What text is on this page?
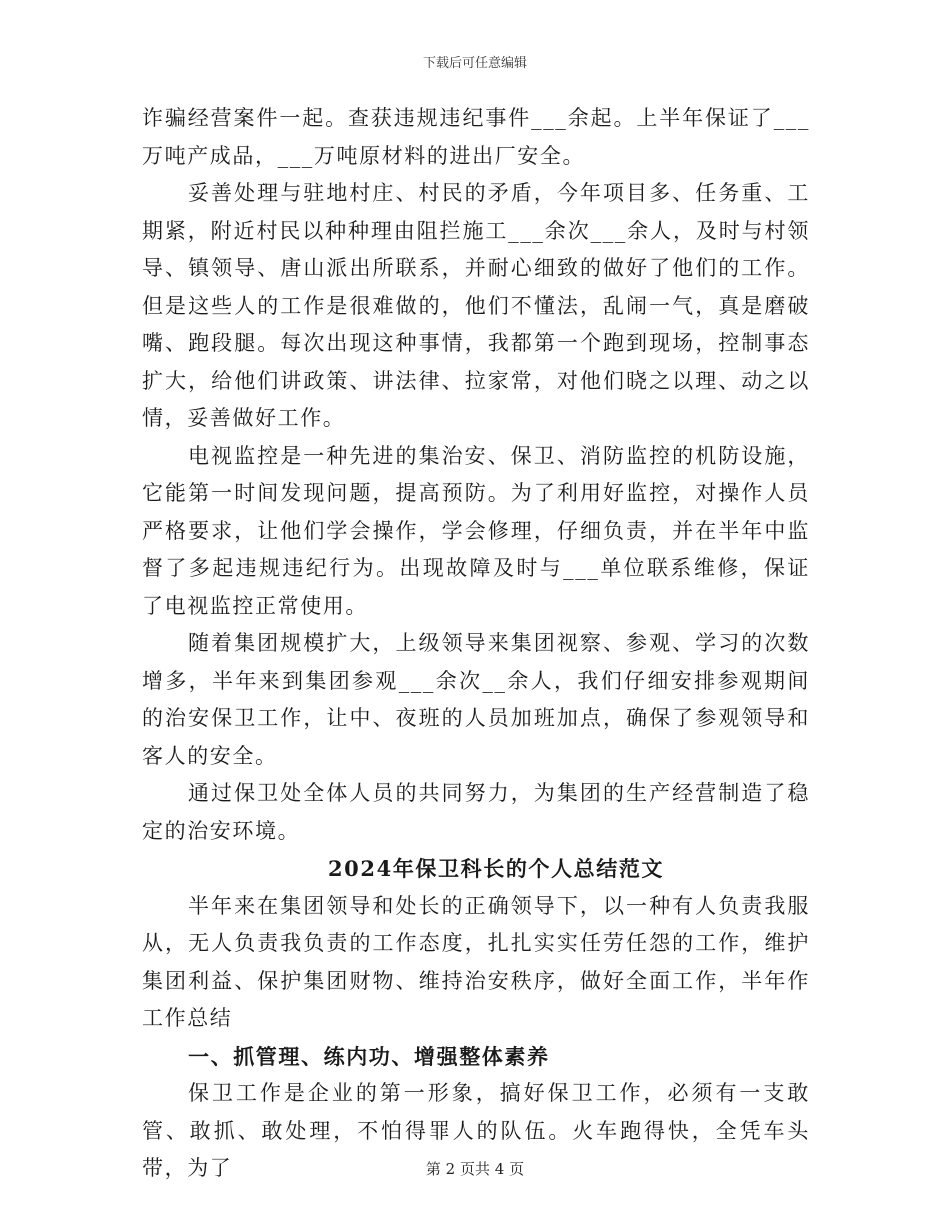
下载后可任意编辑

诈骗经营案件一起。查获违规违纪事件___余起。上半年保证了___万吨产成品，___万吨原材料的进出厂安全。

妥善处理与驻地村庄、村民的矛盾，今年项目多、任务重、工期紧，附近村民以种种理由阻拦施工___余次___余人，及时与村领导、镇领导、唐山派出所联系，并耐心细致的做好了他们的工作。但是这些人的工作是很难做的，他们不懂法，乱闹一气，真是磨破嘴、跑段腿。每次出现这种事情，我都第一个跑到现场，控制事态扩大，给他们讲政策、讲法律、拉家常，对他们晓之以理、动之以情，妥善做好工作。

电视监控是一种先进的集治安、保卫、消防监控的机防设施，它能第一时间发现问题，提高预防。为了利用好监控，对操作人员严格要求，让他们学会操作，学会修理，仔细负责，并在半年中监督了多起违规违纪行为。出现故障及时与___单位联系维修，保证了电视监控正常使用。

随着集团规模扩大，上级领导来集团视察、参观、学习的次数增多，半年来到集团参观___余次__余人，我们仔细安排参观期间的治安保卫工作，让中、夜班的人员加班加点，确保了参观领导和客人的安全。

通过保卫处全体人员的共同努力，为集团的生产经营制造了稳定的治安环境。

2024年保卫科长的个人总结范文

半年来在集团领导和处长的正确领导下，以一种有人负责我服从，无人负责我负责的工作态度，扎扎实实任劳任怨的工作，维护集团利益、保护集团财物、维持治安秩序，做好全面工作，半年作工作总结

一、抓管理、练内功、增强整体素养

保卫工作是企业的第一形象，搞好保卫工作，必须有一支敢管、敢抓、敢处理，不怕得罪人的队伍。火车跑得快，全凭车头带，为了	第 2 页共 4 页
